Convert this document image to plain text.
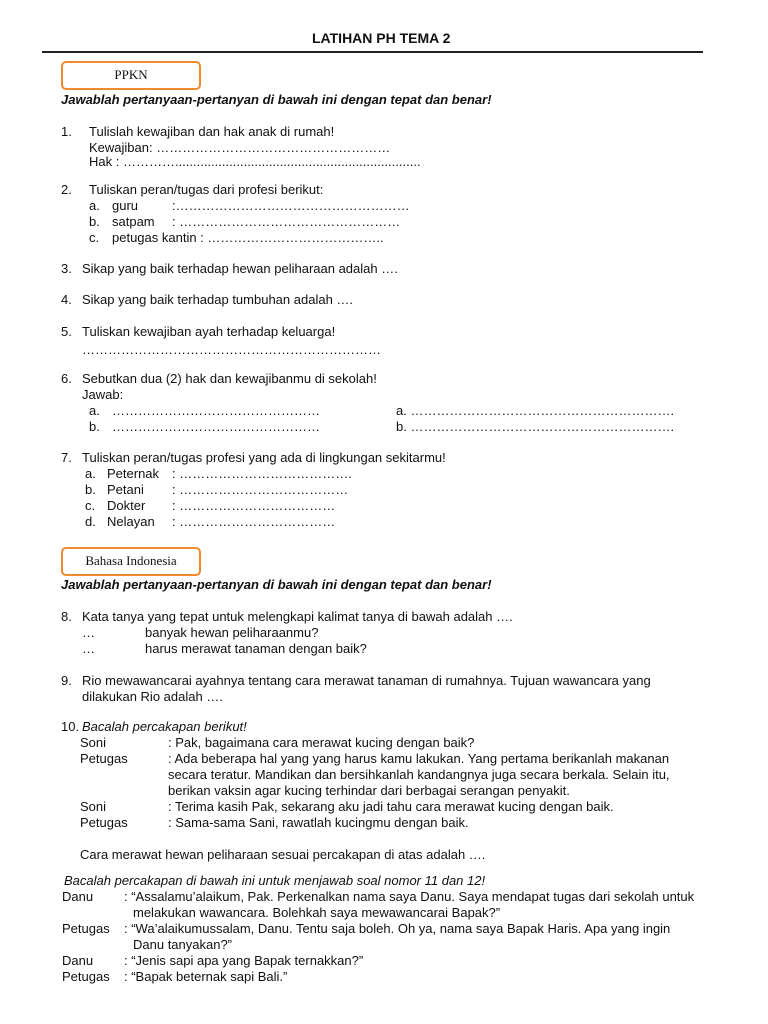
LATIHAN PH TEMA 2
PPKN
Jawablah pertanyaan-pertanyan di bawah ini dengan tepat dan benar!
1. Tulislah kewajiban dan hak anak di rumah!
Kewajiban: ………………………………………………
Hak : …………....................................................................
2. Tuliskan peran/tugas dari profesi berikut:
a. guru	:………………………………………………
b. satpam : ……………………………………………
c. petugas kantin : …………………………………..
3. Sikap yang baik terhadap hewan peliharaan adalah ….
4. Sikap yang baik terhadap tumbuhan adalah ….
5. Tuliskan kewajiban ayah terhadap keluarga!
……………………………………………………………
6. Sebutkan dua (2) hak dan kewajibanmu di sekolah!
Jawab:
a. …………………………………………	a. …………………………………………………….
b. …………………………………………	b. …………………………………………………….
7. Tuliskan peran/tugas profesi yang ada di lingkungan sekitarmu!
a. Peternak : ………………………………….
b. Petani : …………………………………
c. Dokter : ………………………………
d. Nelayan : ………………………………
Bahasa Indonesia
Jawablah pertanyaan-pertanyan di bawah ini dengan tepat dan benar!
8. Kata tanya yang tepat untuk melengkapi kalimat tanya di bawah adalah ….
…	banyak hewan peliharaanmu?
…	harus merawat tanaman dengan baik?
9. Rio mewawancarai ayahnya tentang cara merawat tanaman di rumahnya. Tujuan wawancara yang
dilakukan Rio adalah ….
10. Bacalah percakapan berikut!
Soni	: Pak, bagaimana cara merawat kucing dengan baik?
Petugas	: Ada beberapa hal yang yang harus kamu lakukan. Yang pertama berikanlah makanan
secara teratur. Mandikan dan bersihkanlah kandangnya juga secara berkala. Selain itu,
berikan vaksin agar kucing terhindar dari berbagai serangan penyakit.
Soni	: Terima kasih Pak, sekarang aku jadi tahu cara merawat kucing dengan baik.
Petugas	: Sama-sama Sani, rawatlah kucingmu dengan baik.
Cara merawat hewan peliharaan sesuai percakapan di atas adalah ….
Bacalah percakapan di bawah ini untuk menjawab soal nomor 11 dan 12!
Danu : “Assalamu’alaikum, Pak. Perkenalkan nama saya Danu. Saya mendapat tugas dari sekolah untuk
melakukan wawancara. Bolehkah saya mewawancarai Bapak?”
Petugas : “Wa’alaikumussalam, Danu. Tentu saja boleh. Oh ya, nama saya Bapak Haris. Apa yang ingin
Danu tanyakan?”
Danu : “Jenis sapi apa yang Bapak ternakkan?”
Petugas : “Bapak beternak sapi Bali.”
